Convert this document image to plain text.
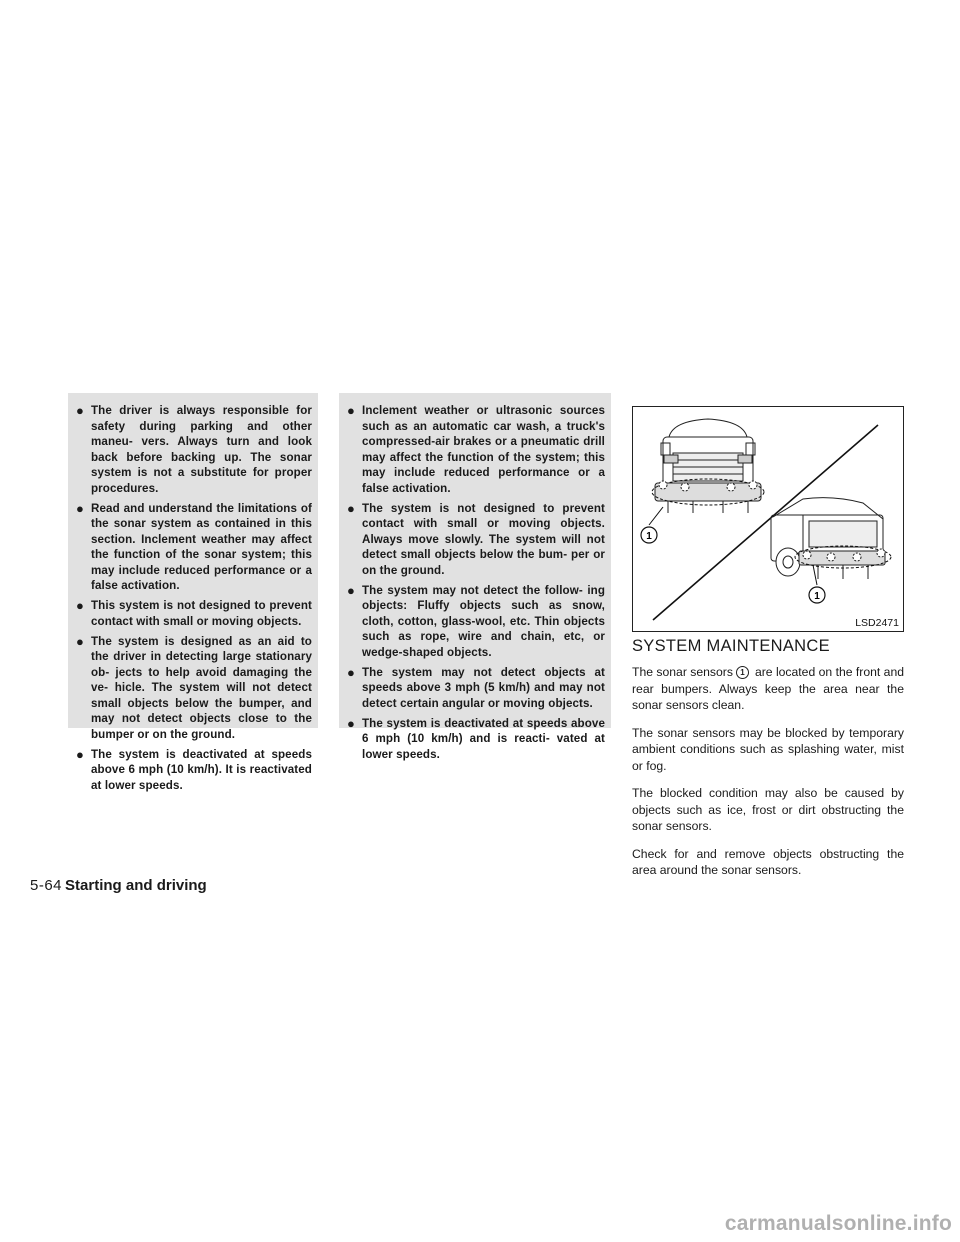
● The driver is always responsible for safety during parking and other maneu- vers. Always turn and look back before backing up. The sonar system is not a substitute for proper procedures.
● Read and understand the limitations of the sonar system as contained in this section. Inclement weather may affect the function of the sonar system; this may include reduced performance or a false activation.
● This system is not designed to prevent contact with small or moving objects.
● The system is designed as an aid to the driver in detecting large stationary ob- jects to help avoid damaging the ve- hicle. The system will not detect small objects below the bumper, and may not detect objects close to the bumper or on the ground.
● The system is deactivated at speeds above 6 mph (10 km/h). It is reactivated at lower speeds.
● Inclement weather or ultrasonic sources such as an automatic car wash, a truck's compressed-air brakes or a pneumatic drill may affect the function of the system; this may include reduced performance or a false activation.
● The system is not designed to prevent contact with small or moving objects. Always move slowly. The system will not detect small objects below the bum- per or on the ground.
● The system may not detect the follow- ing objects: Fluffy objects such as snow, cloth, cotton, glass-wool, etc. Thin objects such as rope, wire and chain, etc, or wedge-shaped objects.
● The system may not detect objects at speeds above 3 mph (5 km/h) and may not detect certain angular or moving objects.
● The system is deactivated at speeds above 6 mph (10 km/h) and is reacti- vated at lower speeds.
1
1
LSD2471
SYSTEM MAINTENANCE

The sonar sensors 1 are located on the front and rear bumpers. Always keep the area near the sonar sensors clean.

The sonar sensors may be blocked by temporary ambient conditions such as splashing water, mist or fog.

The blocked condition may also be caused by objects such as ice, frost or dirt obstructing the sonar sensors.

Check for and remove objects obstructing the area around the sonar sensors.

5-64 Starting and driving
carmanualsonline.info
